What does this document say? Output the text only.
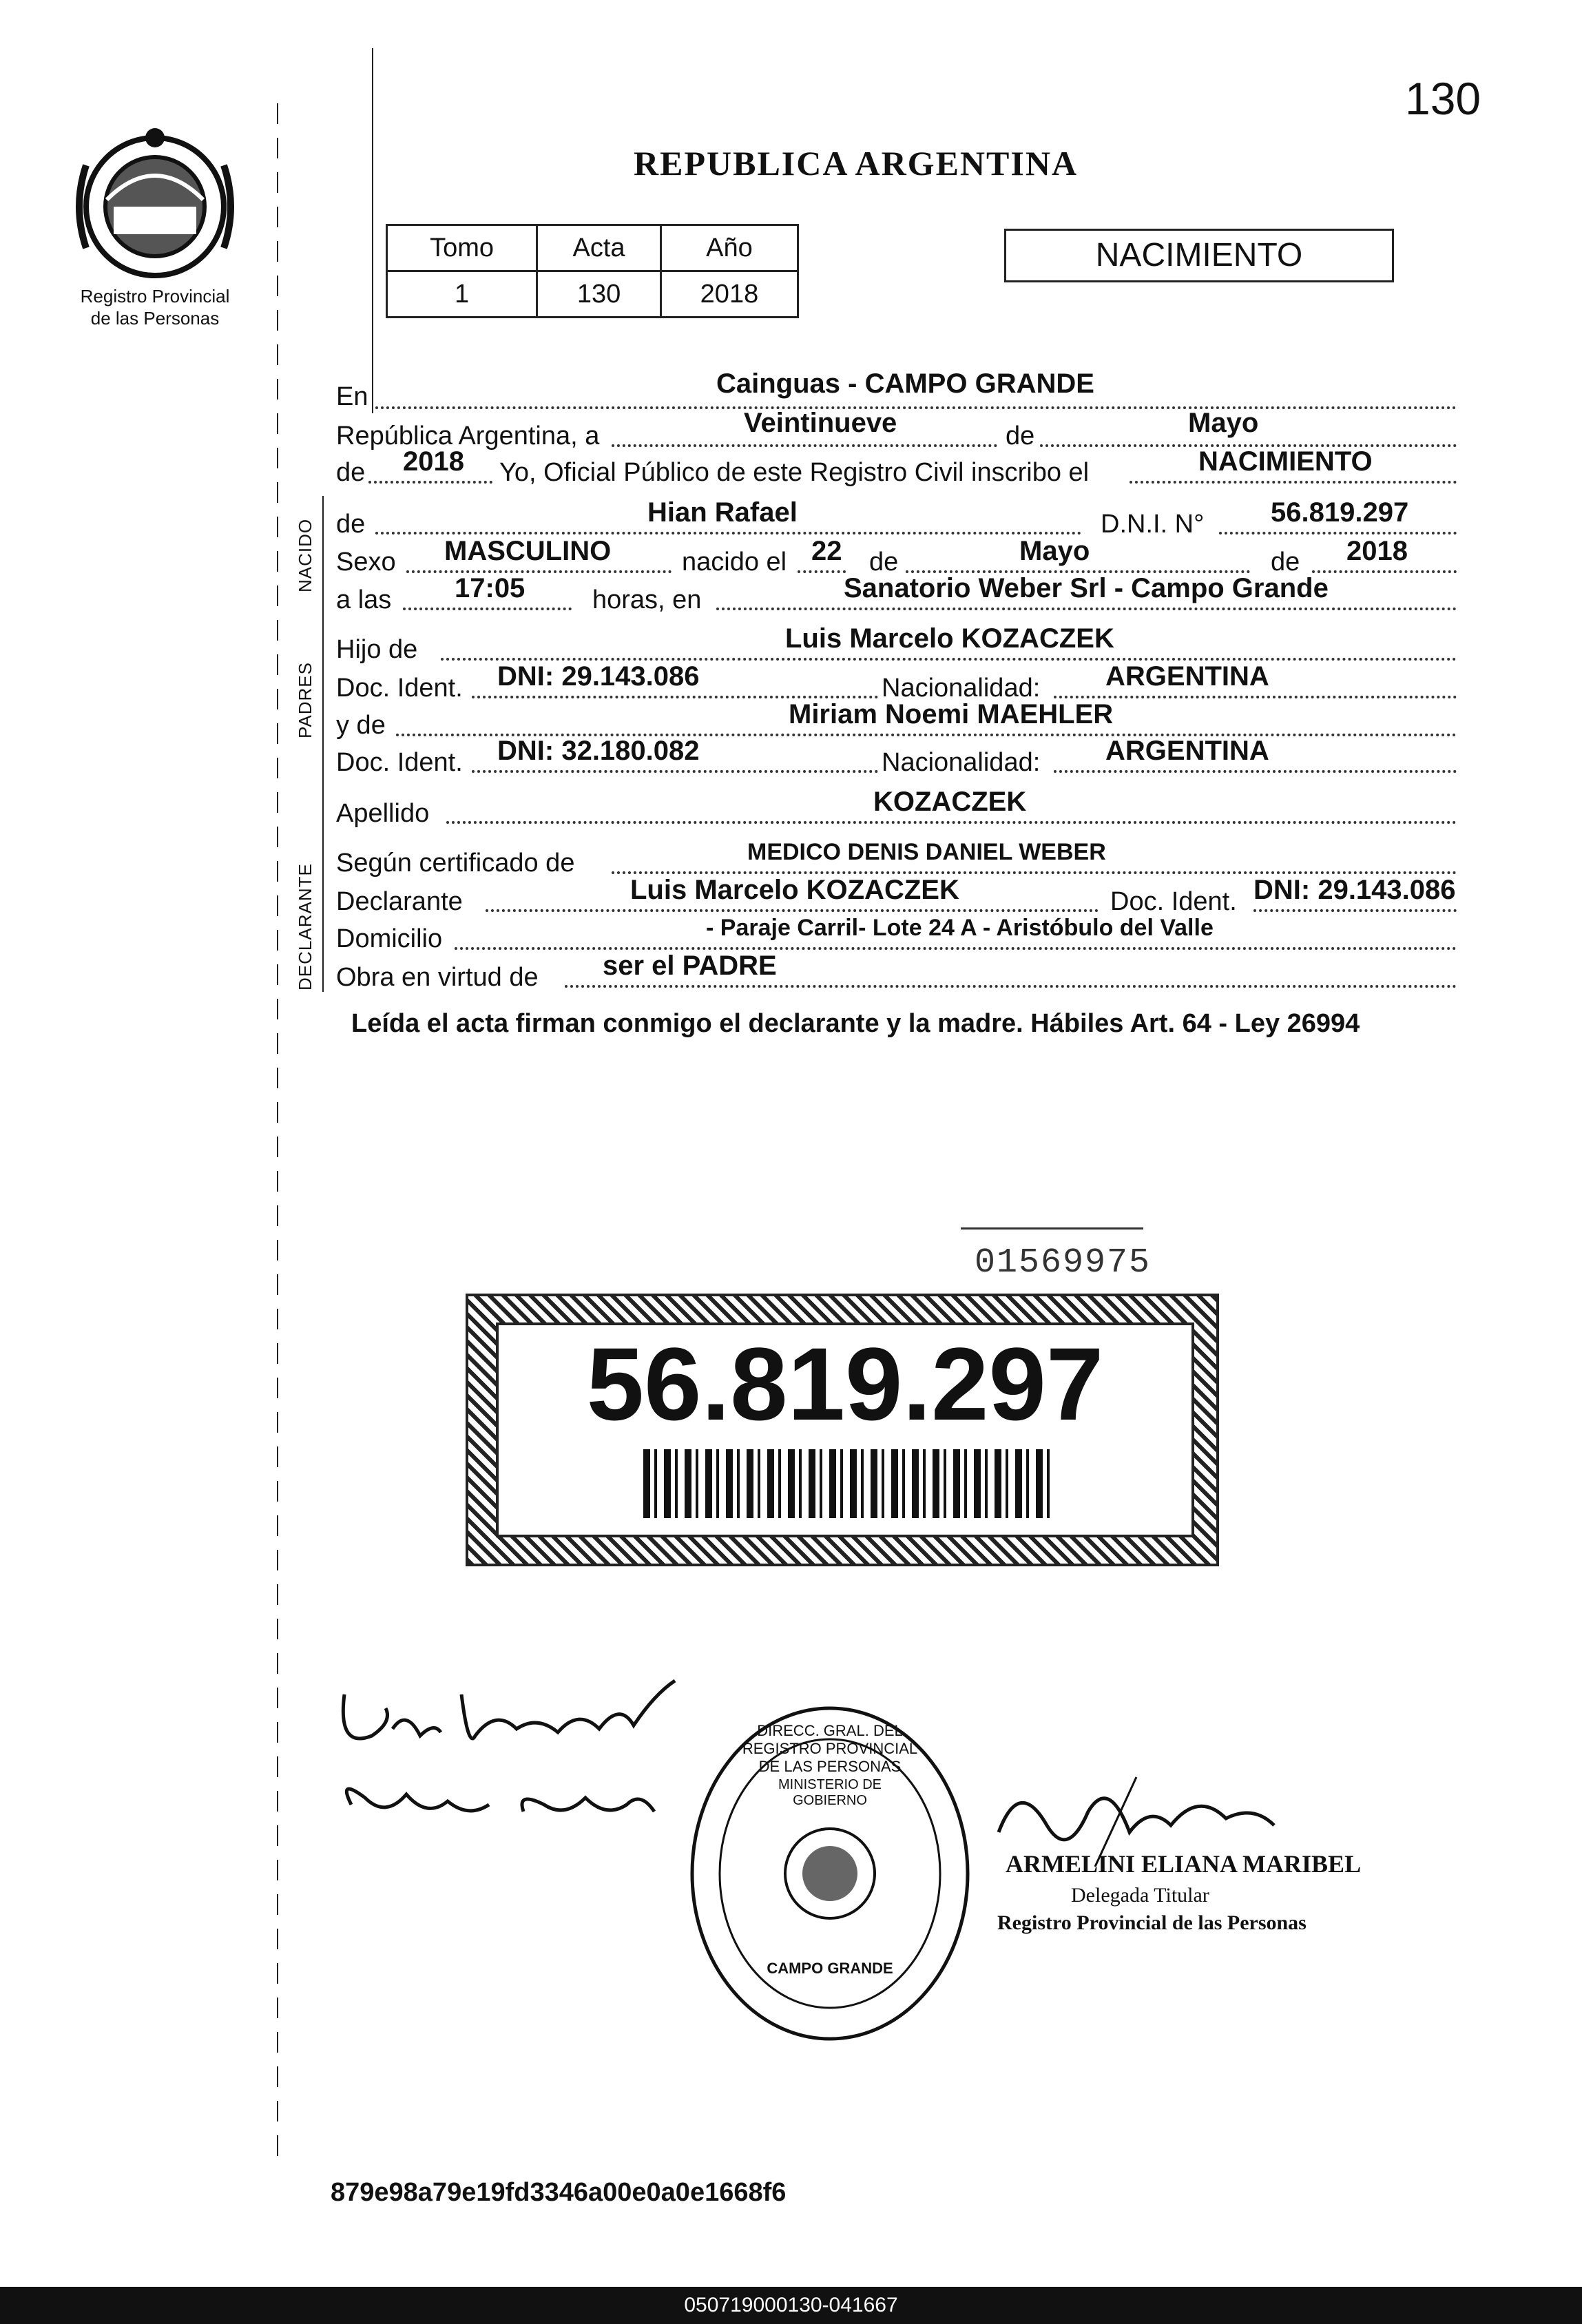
130
Registro Provincial
de las Personas
REPUBLICA ARGENTINA
Tomo	Acta	Año
1	130	2018
NACIMIENTO
NACIDO
PADRES
DECLARANTE
En	Cainguas - CAMPO GRANDE
República Argentina, a	Veintinueve	de	Mayo
de 2018 Yo, Oficial Público de este Registro Civil inscribo el	NACIMIENTO
de	Hian Rafael	D.N.I. N° 56.819.297
Sexo MASCULINO	nacido el 22 de	Mayo	de 2018
a las 17:05	horas, en	Sanatorio Weber Srl - Campo Grande
Hijo de	Luis Marcelo KOZACZEK
Doc. Ident. DNI: 29.143.086	Nacionalidad: ARGENTINA
y de	Miriam Noemi MAEHLER
Doc. Ident. DNI: 32.180.082	Nacionalidad: ARGENTINA
Apellido	KOZACZEK
Según certificado de	MEDICO DENIS DANIEL WEBER
Declarante	Luis Marcelo KOZACZEK	Doc. Ident. DNI: 29.143.086
Domicilio	- Paraje Carril- Lote 24 A - Aristóbulo del Valle
Obra en virtud de ser el PADRE
Leída el acta firman conmigo el declarante y la madre. Hábiles Art. 64 - Ley 26994
01569975
56.819.297
DIRECC. GRAL. DEL REGISTRO PROVINCIAL DE LAS PERSONAS
MINISTERIO DE GOBIERNO
CAMPO GRANDE
ARMELINI ELIANA MARIBEL
Delegada Titular
Registro Provincial de las Personas
879e98a79e19fd3346a00e0a0e1668f6
050719000130-041667
